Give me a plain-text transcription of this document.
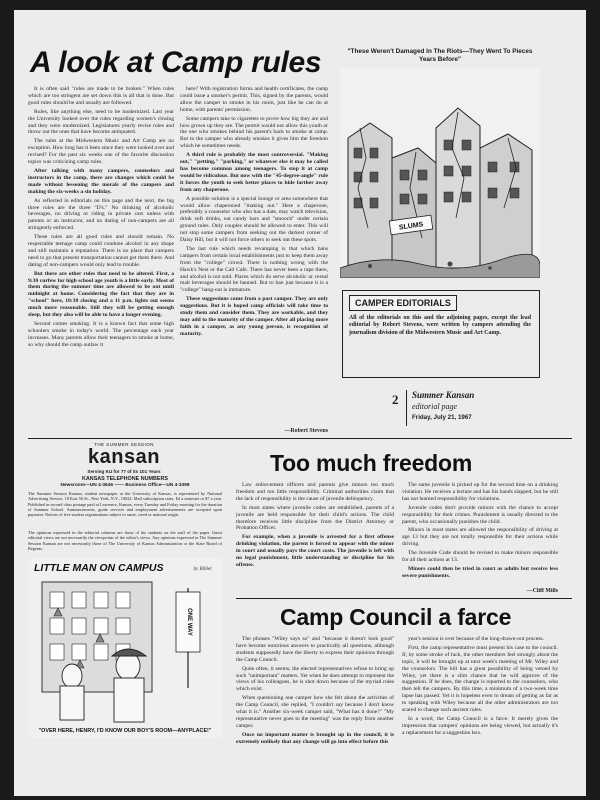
A look at Camp rules

It is often said "rules are made to be broken." When rules which are too stringent are set down this is all that is done. But good rules should be and usually are followed.

Rules, like anything else, need to be modernized. Last year the University looked over the rules regarding women's closing and they were modernized. Legislatures yearly revise rules and throw out the ones that have become antiquated.

The rules at the Midwestern Music and Art Camp are no exception. How long has it been since they were looked over and revised? For the past six weeks one of the favorite discussion topics was criticizing camp rules.

After talking with many campers, counselors and instructors in the camp, there are changes which could be made without lessening the morals of the campers and making the six-weeks a sin holiday.

As reflected in editorials on this page and the next, the big three rules are the three "D's." No drinking of alcoholic beverages, no driving or riding in private cars unless with parents or an instructor, and no dating of non-campers are all stringently enforced.

These rules are all good rules and should remain. No respectable teenage camp could condone alcohol in any shape and still maintain a reputation. There is no place that campers need to go that present transportation cannot get them there. And dating of non-campers would only lead to trouble.

But there are other rules that need to be altered. First, a 9:30 curfew for high school age youth is a little early. Most of them during the summer time are allowed to be out until midnight at home. Considering the fact that they are in "school" here, 10:30 closing and a 11 p.m. lights out seems much more reasonable. Still they will be getting enough sleep, but they also will be able to have a longer evening.

Second comes smoking. It is a known fact that some high schoolers smoke in today's world. The percentage each year increases. Many parents allow their teenagers to smoke at home, so why should the camp outlaw it

here? With registration forms and health certificates, the camp could issue a smoker's permit. This, signed by the parents, would allow the camper to smoke in his room, just like he can do at home, with parents' permission.

Some campers take to cigarettes to prove how big they are and how grown up they are. The permit would not allow this youth or the one who smokes behind his parent's back to smoke at camp. But to the camper who already smokes it gives him the freedom which he sometimes needs.

A third rule is probably the most controversial. "Making out," "petting," "parking," or whatever else it may be called has become common among teenagers. To stop it at camp would be ridiculous. But now with the "45-degree-angle" rule it forces the youth to seek better places to hide farther away from any chaperone.

A possible solution is a special lounge or area somewhere that would allow chaperoned "making out." Here a chaperone, preferably a counselor who also has a date, may watch television, drink soft drinks, eat candy bars and "smooch" under certain ground rules. Only couples should be allowed to enter. This will not stop some campers from seeking out the darkest corner of Daisy Hill, but it will not force others to seek out these spots.

The last rule which needs revamping is that which bans campers from certain local establishments just to keep them away from the "college" crowd. There is nothing wrong with the Hawk's Nest or the Call Cafe. There has never been a rape there, and alcohol is not sold. Places which do serve alcoholic or cereal malt beverages should be banned. But to ban just because it is a "college" hang-out is immature.

These suggestions come from a past camper. They are only suggestions. But it is hoped camp officials will take time to study them and consider them. They are workable, and they may add to the maturity of the camper. After all placing more faith in a camper, as any young person, is recognition of maturity.

—Robert Stevens
"These Weren't Damaged In The Riots—They Went To Pieces Years Before"
SLUMS
CAMPER EDITORIALS
All of the editorials on this and the adjoining pages, except the lead editorial by Robert Stevens, were written by campers attending the journalism division of the Midwestern Music and Art Camp.
2 Summer Kansan
editorial page
Friday, July 21, 1967
THE SUMMER SESSION
kansan
Serving KU for 77 of its 101 Years
KANSAS TELEPHONE NUMBERS
Newsroom—UN 4-3646 —— Business Office—UN 4-3398
The Summer Session Kansan, student newspaper at the University of Kansas, is represented by National Advertising Service, 18 East 50 St., New York, N.Y., 10022. Mail subscription rates: $4 a semester or $7 a year. Published in second class postage paid at Lawrence, Kansas, every Tuesday and Friday morning for the duration of Summer School. Announcements, guide services and employment advertisements are accepted upon payment. Notices of free student organizations subject to same, creed or national origin.
The opinions expressed in the editorial columns are those of the students on the staff of the paper. Guest editorial views are not necessarily the viewpoints of the editor's views. Any opinions expressed in The Summer Session Kansan are not necessarily those of The University of Kansas Administration or the State Board of Regents.
LITTLE MAN ON CAMPUS	by Bibler
ONE WAY
"OVER HERE, HENRY, I'D KNOW OUR BOY'S ROOM—ANYPLACE!"
Too much freedom

Law enforcement officers and parents give minors too much freedom and too little responsibility. Criminal authorities claim that the lack of responsibility is the cause of juvenile delinquency.

In most states where juvenile codes are established, parents of a juvenile are held responsible for their child's actions. The child therefore receives little discipline from the District Attorney or Probation Officer.

For example, when a juvenile is arrested for a first offense drinking violation, the parent is forced to appear with the minor in court and usually pays the court costs. The juvenile is left with no legal punishment, little understanding or discipline for his offense.

The same juvenile is picked up for the second time on a drinking violation. He receives a lecture and has his hands slapped, but he still has not learned responsibility for violations.

Juvenile codes don't provide minors with the chance to accept responsibility for their crimes. Punishment is usually directed to the parent, who occasionally punishes the child.

Minors in most states are allowed the responsibility of driving at age 13 but they are not totally responsible for their actions while driving.

The Juvenile Code should be revised to make minors responsible for all their actions at 13.

Minors could then be tried in court as adults but receive less severe punishments.

—Cliff Mills
Camp Council a farce

The phrases "Wiley says so" and "because it doesn't look good" have become notorious answers to practically all questions, although students supposedly have the liberty to express their opinions through the Camp Council.

Quite often, it seems, the elected representatives refuse to bring up such "unimportant" matters. Yet when he does attempt to represent the views of his colleagues, he is shot down because of the myriad rules which exist.

When questioning one camper how she felt about the activities of the Camp Council, she replied, "I couldn't say because I don't know what it is." Another six-week camper said, "What has it done?" "My representative never goes to the meeting" was the reply from another camper.

Once no important matter is brought up in the council, it is extremely unlikely that any change will go into effect before this

year's session is over because of the long-drawn-out process.

First, the camp representative must present his case to the council. If, by some stroke of luck, the other members feel strongly about the topic, it will be brought up at next week's meeting of Mr. Wiley and the counselors. The bill has a great possibility of being vetoed by Wiley, yet there is a slim chance that he will approve of the suggestion. If he does, the change is reported to the counselors, who then tell the campers. By this time, a minimum of a two-week time lapse has passed. Yet it is hopeless even to dream of getting as far as to speaking with Wiley because all the other administrators are too scared to change such ancient rules.

In a word, the Camp Council is a farce. It merely gives the impression that campers' opinions are being viewed, but actually it's a replacement for a suggestion box.
